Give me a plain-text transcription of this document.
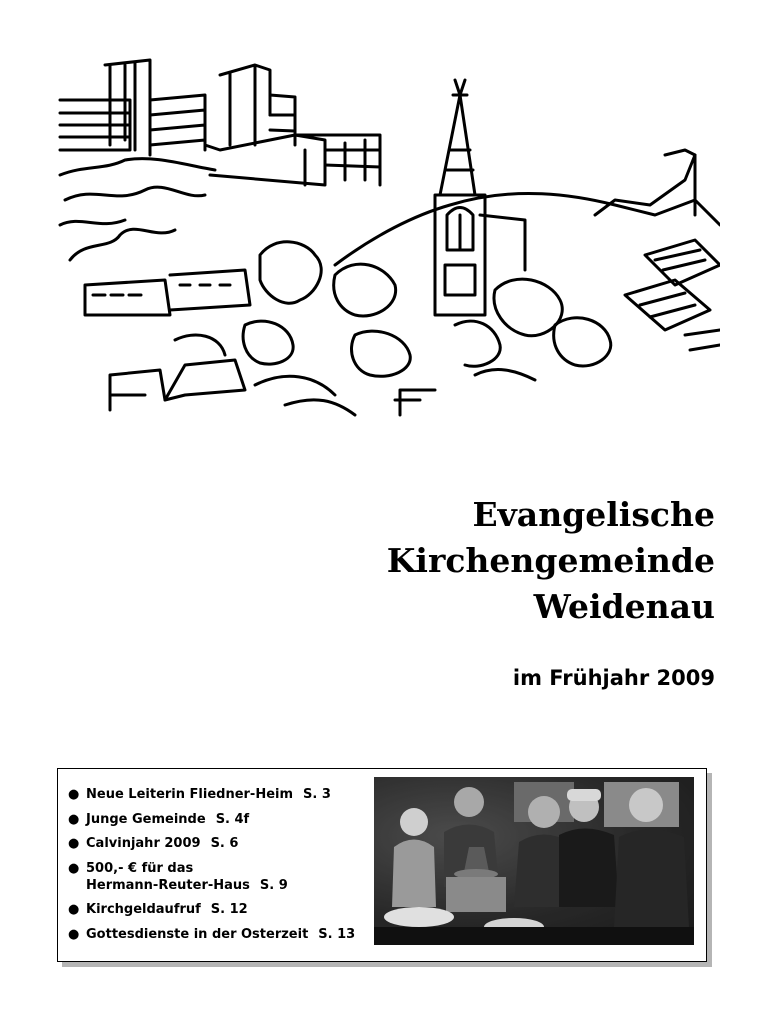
Evangelische
Kirchengemeinde
Weidenau
im Frühjahr 2009
● Neue Leiterin Fliedner-Heim S. 3
● Junge Gemeinde S. 4f
● Calvinjahr 2009 S. 6
● 500,- € für das
Hermann-Reuter-Haus S. 9
● Kirchgeldaufruf S. 12
● Gottesdienste in der Osterzeit S. 13
